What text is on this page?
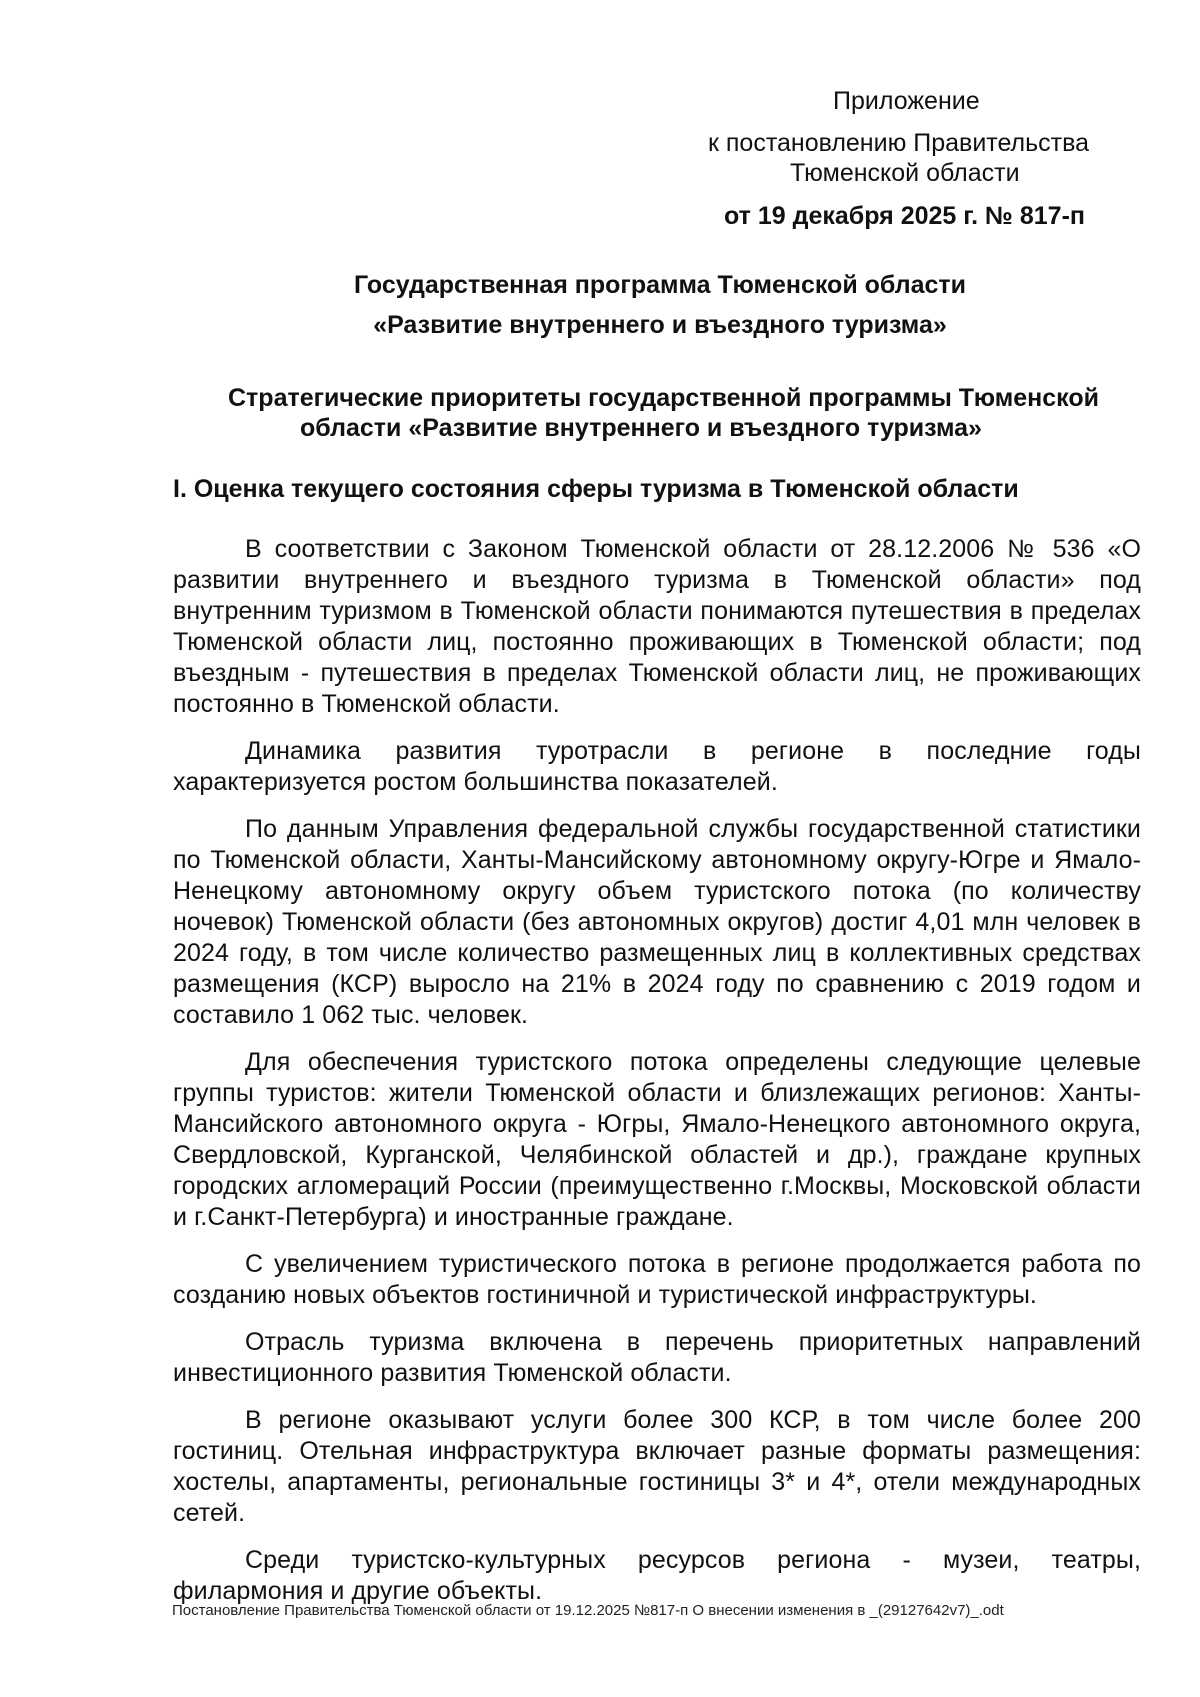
Приложение

к постановлению Правительства

Тюменской области

от 19 декабря 2025 г. № 817-п

Государственная программа Тюменской области

«Развитие внутреннего и въездного туризма»

Стратегические приоритеты государственной программы Тюменской

области «Развитие внутреннего и въездного туризма»

I. Оценка текущего состояния сферы туризма в Тюменской области

В соответствии с Законом Тюменской области от 28.12.2006 № 536 «О развитии внутреннего и въездного туризма в Тюменской области» под внутренним туризмом в Тюменской области понимаются путешествия в пределах Тюменской области лиц, постоянно проживающих в Тюменской области; под въездным - путешествия в пределах Тюменской области лиц, не проживающих постоянно в Тюменской области.

Динамика развития туротрасли в регионе в последние годы характеризуется ростом большинства показателей.

По данным Управления федеральной службы государственной статистики по Тюменской области, Ханты-Мансийскому автономному округу-Югре и Ямало-Ненецкому автономному округу объем туристского потока (по количеству ночевок) Тюменской области (без автономных округов) достиг 4,01 млн человек в 2024 году, в том числе количество размещенных лиц в коллективных средствах размещения (КСР) выросло на 21% в 2024 году по сравнению с 2019 годом и составило 1 062 тыс. человек.

Для обеспечения туристского потока определены следующие целевые группы туристов: жители Тюменской области и близлежащих регионов: Ханты-Мансийского автономного округа - Югры, Ямало-Ненецкого автономного округа, Свердловской, Курганской, Челябинской областей и др.), граждане крупных городских агломераций России (преимущественно г.Москвы, Московской области и г.Санкт-Петербурга) и иностранные граждане.

С увеличением туристического потока в регионе продолжается работа по созданию новых объектов гостиничной и туристической инфраструктуры.

Отрасль туризма включена в перечень приоритетных направлений инвестиционного развития Тюменской области.

В регионе оказывают услуги более 300 КСР, в том числе более 200 гостиниц. Отельная инфраструктура включает разные форматы размещения: хостелы, апартаменты, региональные гостиницы 3* и 4*, отели международных сетей.

Среди туристско-культурных ресурсов региона - музеи, театры, филармония и другие объекты.

Постановление Правительства Тюменской области от 19.12.2025 №817-п О внесении изменения в _(29127642v7)_.odt
